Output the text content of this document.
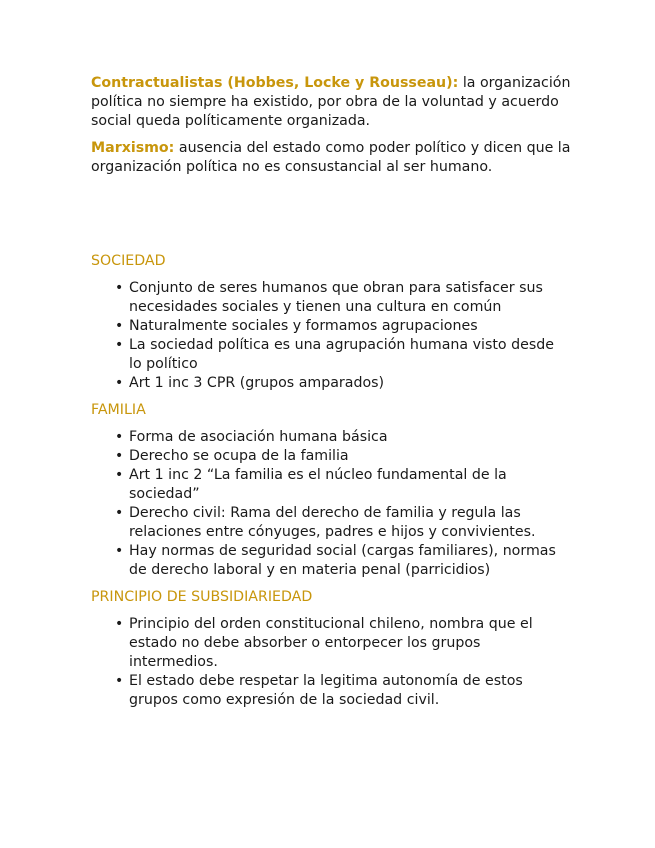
Contractualistas (Hobbes, Locke y Rousseau): la organización política no siempre ha existido, por obra de la voluntad y acuerdo social queda políticamente organizada.

Marxismo: ausencia del estado como poder político y dicen que la organización política no es consustancial al ser humano.

SOCIEDAD
• Conjunto de seres humanos que obran para satisfacer sus necesidades sociales y tienen una cultura en común
• Naturalmente sociales y formamos agrupaciones
• La sociedad política es una agrupación humana visto desde lo político
• Art 1 inc 3 CPR (grupos amparados)
FAMILIA
• Forma de asociación humana básica
• Derecho se ocupa de la familia
• Art 1 inc 2 “La familia es el núcleo fundamental de la sociedad”
• Derecho civil: Rama del derecho de familia y regula las relaciones entre cónyuges, padres e hijos y convivientes.
• Hay normas de seguridad social (cargas familiares), normas de derecho laboral y en materia penal (parricidios)
PRINCIPIO DE SUBSIDIARIEDAD
• Principio del orden constitucional chileno, nombra que el estado no debe absorber o entorpecer los grupos intermedios.
• El estado debe respetar la legitima autonomía de estos grupos como expresión de la sociedad civil.
